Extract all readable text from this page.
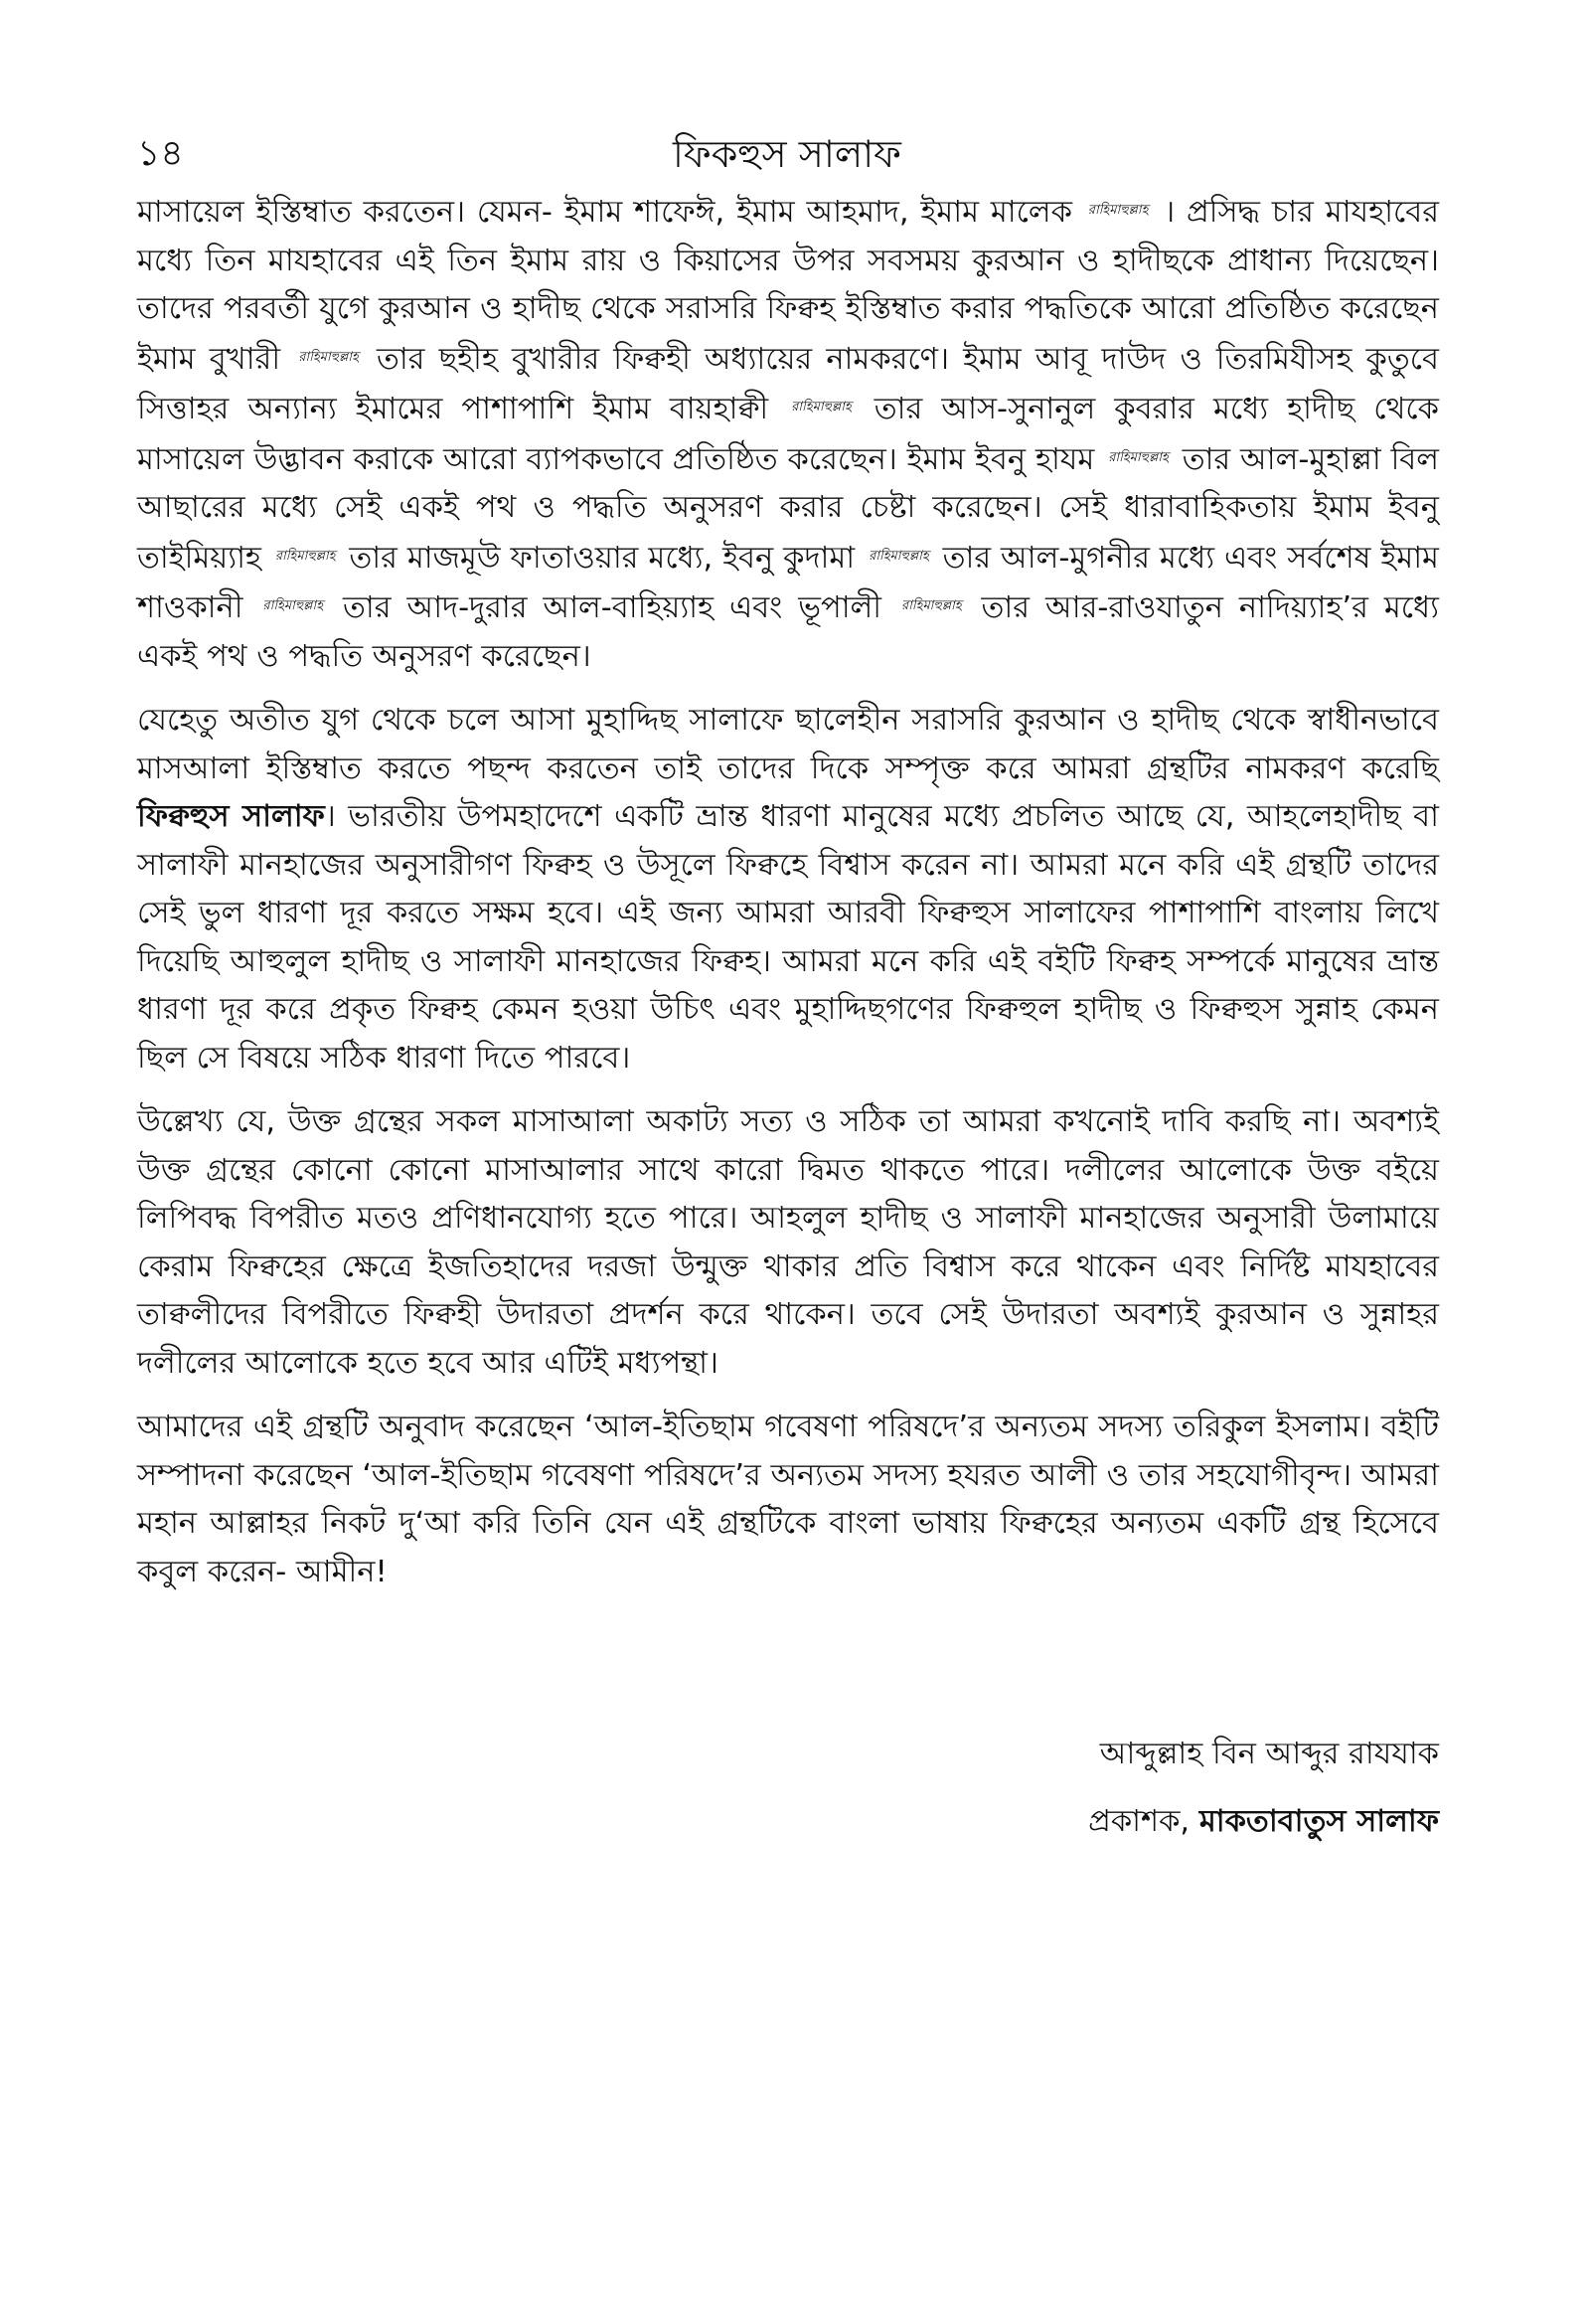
১৪	ফিকহুস সালাফ

মাসায়েল ইস্তিম্বাত করতেন। যেমন- ইমাম শাফেঈ, ইমাম আহমাদ, ইমাম মালেক $^{রাহিমাহুল্লাহ}$ । প্রসিদ্ধ চার মাযহাবের মধ্যে তিন মাযহাবের এই তিন ইমাম রায় ও কিয়াসের উপর সবসময় কুরআন ও হাদীছকে প্রাধান্য দিয়েছেন। তাদের পরবর্তী যুগে কুরআন ও হাদীছ থেকে সরাসরি ফিক্বহ ইস্তিম্বাত করার পদ্ধতিকে আরো প্রতিষ্ঠিত করেছেন ইমাম বুখারী $^{রাহিমাহুল্লাহ}$ তার ছহীহ বুখারীর ফিক্বহী অধ্যায়ের নামকরণে। ইমাম আবূ দাউদ ও তিরমিযীসহ কুতুবে সিত্তাহর অন্যান্য ইমামের পাশাপাশি ইমাম বায়হাক্বী $^{রাহিমাহুল্লাহ}$ তার আস-সুনানুল কুবরার মধ্যে হাদীছ থেকে মাসায়েল উদ্ভাবন করাকে আরো ব্যাপকভাবে প্রতিষ্ঠিত করেছেন। ইমাম ইবনু হাযম $^{রাহিমাহুল্লাহ}$ তার আল-মুহাল্লা বিল আছারের মধ্যে সেই একই পথ ও পদ্ধতি অনুসরণ করার চেষ্টা করেছেন। সেই ধারাবাহিকতায় ইমাম ইবনু তাইমিয়্যাহ $^{রাহিমাহুল্লাহ}$ তার মাজমূউ ফাতাওয়ার মধ্যে, ইবনু কুদামা $^{রাহিমাহুল্লাহ}$ তার আল-মুগনীর মধ্যে এবং সর্বশেষ ইমাম শাওকানী $^{রাহিমাহুল্লাহ}$ তার আদ-দুরার আল-বাহিয়্যাহ এবং ভূপালী $^{রাহিমাহুল্লাহ}$ তার আর-রাওযাতুন নাদিয়্যাহ’র মধ্যে একই পথ ও পদ্ধতি অনুসরণ করেছেন।

যেহেতু অতীত যুগ থেকে চলে আসা মুহাদ্দিছ সালাফে ছালেহীন সরাসরি কুরআন ও হাদীছ থেকে স্বাধীনভাবে মাসআলা ইস্তিম্বাত করতে পছন্দ করতেন তাই তাদের দিকে সম্পৃক্ত করে আমরা গ্রন্থটির নামকরণ করেছি ফিক্বহুস সালাফ। ভারতীয় উপমহাদেশে একটি ভ্রান্ত ধারণা মানুষের মধ্যে প্রচলিত আছে যে, আহলেহাদীছ বা সালাফী মানহাজের অনুসারীগণ ফিক্বহ ও উসূলে ফিক্বহে বিশ্বাস করেন না। আমরা মনে করি এই গ্রন্থটি তাদের সেই ভুল ধারণা দূর করতে সক্ষম হবে। এই জন্য আমরা আরবী ফিক্বহুস সালাফের পাশাপাশি বাংলায় লিখে দিয়েছি আহুলুল হাদীছ ও সালাফী মানহাজের ফিক্বহ। আমরা মনে করি এই বইটি ফিক্বহ সম্পর্কে মানুষের ভ্রান্ত ধারণা দূর করে প্রকৃত ফিক্বহ কেমন হওয়া উচিৎ এবং মুহাদ্দিছগণের ফিক্বহুল হাদীছ ও ফিক্বহুস সুন্নাহ কেমন ছিল সে বিষয়ে সঠিক ধারণা দিতে পারবে।

উল্লেখ্য যে, উক্ত গ্রন্থের সকল মাসাআলা অকাট্য সত্য ও সঠিক তা আমরা কখনোই দাবি করছি না। অবশ্যই উক্ত গ্রন্থের কোনো কোনো মাসাআলার সাথে কারো দ্বিমত থাকতে পারে। দলীলের আলোকে উক্ত বইয়ে লিপিবদ্ধ বিপরীত মতও প্রণিধানযোগ্য হতে পারে। আহলুল হাদীছ ও সালাফী মানহাজের অনুসারী উলামায়ে কেরাম ফিক্বহের ক্ষেত্রে ইজতিহাদের দরজা উন্মুক্ত থাকার প্রতি বিশ্বাস করে থাকেন এবং নির্দিষ্ট মাযহাবের তাক্বলীদের বিপরীতে ফিক্বহী উদারতা প্রদর্শন করে থাকেন। তবে সেই উদারতা অবশ্যই কুরআন ও সুন্নাহর দলীলের আলোকে হতে হবে আর এটিই মধ্যপন্থা।

আমাদের এই গ্রন্থটি অনুবাদ করেছেন ‘আল-ইতিছাম গবেষণা পরিষদে’র অন্যতম সদস্য তরিকুল ইসলাম। বইটি সম্পাদনা করেছেন ‘আল-ইতিছাম গবেষণা পরিষদে’র অন্যতম সদস্য হযরত আলী ও তার সহযোগীবৃন্দ। আমরা মহান আল্লাহর নিকট দু‘আ করি তিনি যেন এই গ্রন্থটিকে বাংলা ভাষায় ফিক্বহের অন্যতম একটি গ্রন্থ হিসেবে কবুল করেন- আমীন!

আব্দুল্লাহ বিন আব্দুর রাযযাক
প্রকাশক, মাকতাবাতুস সালাফ
